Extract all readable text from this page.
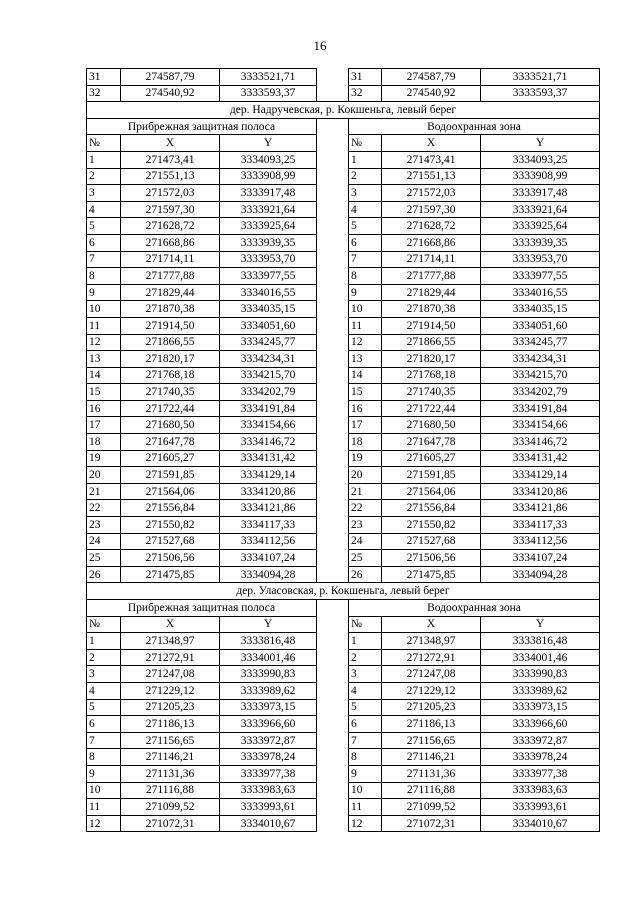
16
31	274587,79	3333521,71		31	274587,79	3333521,71
32	274540,92	3333593,37		32	274540,92	3333593,37
дер. Надручевская, р. Кокшеньга, левый берег						
Прибрежная защитная полоса				Водоохранная зона		
№	X	Y		№	X	Y
1	271473,41	3334093,25		1	271473,41	3334093,25
2	271551,13	3333908,99		2	271551,13	3333908,99
3	271572,03	3333917,48		3	271572,03	3333917,48
4	271597,30	3333921,64		4	271597,30	3333921,64
5	271628,72	3333925,64		5	271628,72	3333925,64
6	271668,86	3333939,35		6	271668,86	3333939,35
7	271714,11	3333953,70		7	271714,11	3333953,70
8	271777,88	3333977,55		8	271777,88	3333977,55
9	271829,44	3334016,55		9	271829,44	3334016,55
10	271870,38	3334035,15		10	271870,38	3334035,15
11	271914,50	3334051,60		11	271914,50	3334051,60
12	271866,55	3334245,77		12	271866,55	3334245,77
13	271820,17	3334234,31		13	271820,17	3334234,31
14	271768,18	3334215,70		14	271768,18	3334215,70
15	271740,35	3334202,79		15	271740,35	3334202,79
16	271722,44	3334191,84		16	271722,44	3334191,84
17	271680,50	3334154,66		17	271680,50	3334154,66
18	271647,78	3334146,72		18	271647,78	3334146,72
19	271605,27	3334131,42		19	271605,27	3334131,42
20	271591,85	3334129,14		20	271591,85	3334129,14
21	271564,06	3334120,86		21	271564,06	3334120,86
22	271556,84	3334121,86		22	271556,84	3334121,86
23	271550,82	3334117,33		23	271550,82	3334117,33
24	271527,68	3334112,56		24	271527,68	3334112,56
25	271506,56	3334107,24		25	271506,56	3334107,24
26	271475,85	3334094,28		26	271475,85	3334094,28
дер. Уласовская, р. Кокшеньга, левый берег						
Прибрежная защитная полоса				Водоохранная зона		
№	X	Y		№	X	Y
1	271348,97	3333816,48		1	271348,97	3333816,48
2	271272,91	3334001,46		2	271272,91	3334001,46
3	271247,08	3333990,83		3	271247,08	3333990,83
4	271229,12	3333989,62		4	271229,12	3333989,62
5	271205,23	3333973,15		5	271205,23	3333973,15
6	271186,13	3333966,60		6	271186,13	3333966,60
7	271156,65	3333972,87		7	271156,65	3333972,87
8	271146,21	3333978,24		8	271146,21	3333978,24
9	271131,36	3333977,38		9	271131,36	3333977,38
10	271116,88	3333983,63		10	271116,88	3333983,63
11	271099,52	3333993,61		11	271099,52	3333993,61
12	271072,31	3334010,67		12	271072,31	3334010,67
